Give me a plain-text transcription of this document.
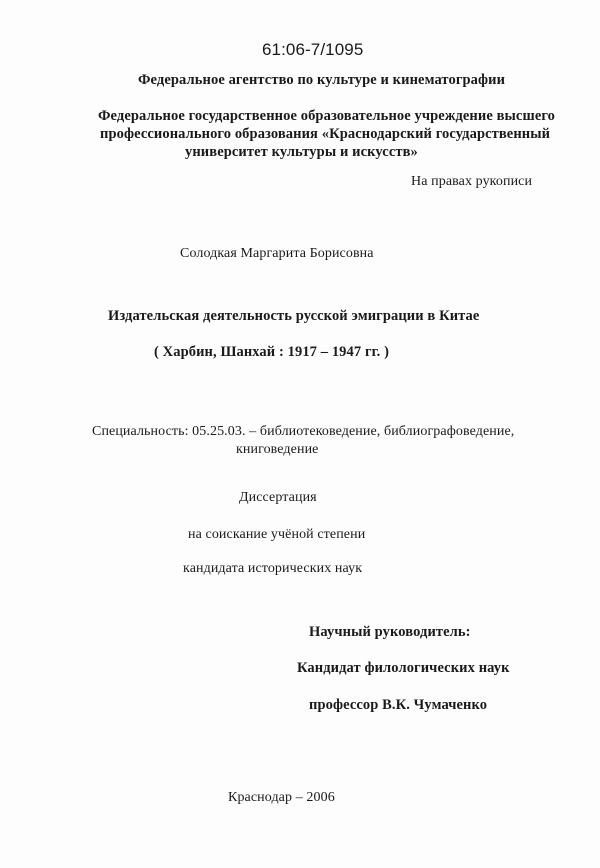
61:06-7/1095
Федеральное агентство по культуре и кинематографии
Федеральное государственное образовательное учреждение высшего
профессионального образования «Краснодарский государственный
университет культуры и искусств»
На правах рукописи
Солодкая Маргарита Борисовна
Издательская деятельность русской эмиграции в Китае
( Харбин, Шанхай : 1917 – 1947 гг. )
Специальность: 05.25.03. – библиотековедение, библиографоведение,
книговедение
Диссертация
на соискание учёной степени
кандидата исторических наук
Научный руководитель:
Кандидат филологических наук
профессор В.К. Чумаченко
Краснодар – 2006
